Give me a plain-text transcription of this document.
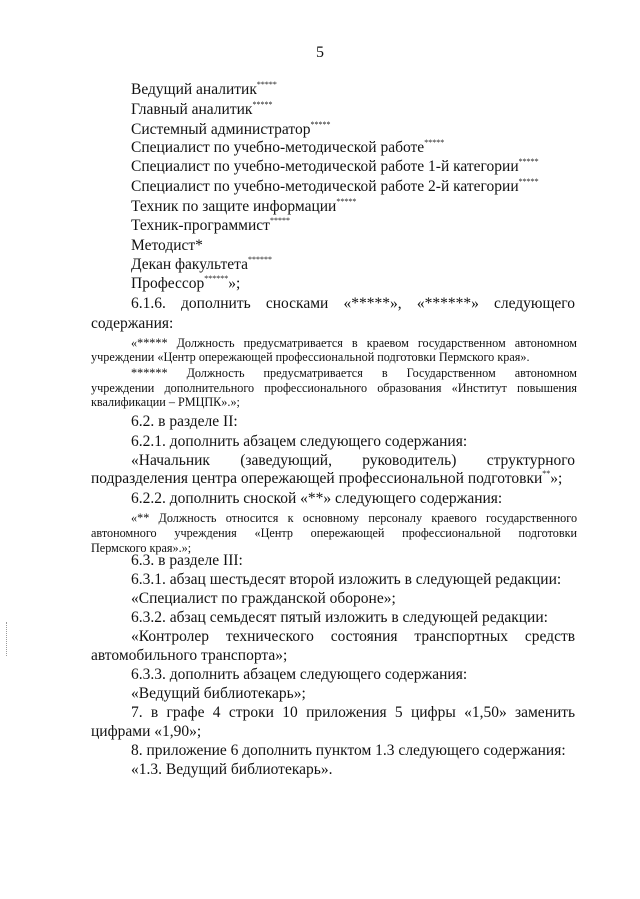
5
Ведущий аналитик*****
Главный аналитик*****
Системный администратор*****
Специалист по учебно-методической работе*****
Специалист по учебно-методической работе 1-й категории*****
Специалист по учебно-методической работе 2-й категории*****
Техник по защите информации*****
Техник-программист*****
Методист*
Декан факультета******
Профессор******»;
6.1.6. дополнить сносками «*****», «******» следующего
содержания:
«***** Должность предусматривается в краевом государственном автономном
учреждении «Центр опережающей профессиональной подготовки Пермского края».
****** Должность предусматривается в Государственном автономном
учреждении дополнительного профессионального образования «Институт повышения
квалификации – РМЦПК».»;
6.2. в разделе II:
6.2.1. дополнить абзацем следующего содержания:
«Начальник (заведующий, руководитель) структурного
подразделения центра опережающей профессиональной подготовки**»;
6.2.2. дополнить сноской «**» следующего содержания:
«** Должность относится к основному персоналу краевого государственного
автономного учреждения «Центр опережающей профессиональной подготовки
Пермского края».»;
6.3. в разделе III:
6.3.1. абзац шестьдесят второй изложить в следующей редакции:
«Специалист по гражданской обороне»;
6.3.2. абзац семьдесят пятый изложить в следующей редакции:
«Контролер технического состояния транспортных средств
автомобильного транспорта»;
6.3.3. дополнить абзацем следующего содержания:
«Ведущий библиотекарь»;
7. в графе 4 строки 10 приложения 5 цифры «1,50» заменить
цифрами «1,90»;
8. приложение 6 дополнить пунктом 1.3 следующего содержания:
«1.3. Ведущий библиотекарь».
